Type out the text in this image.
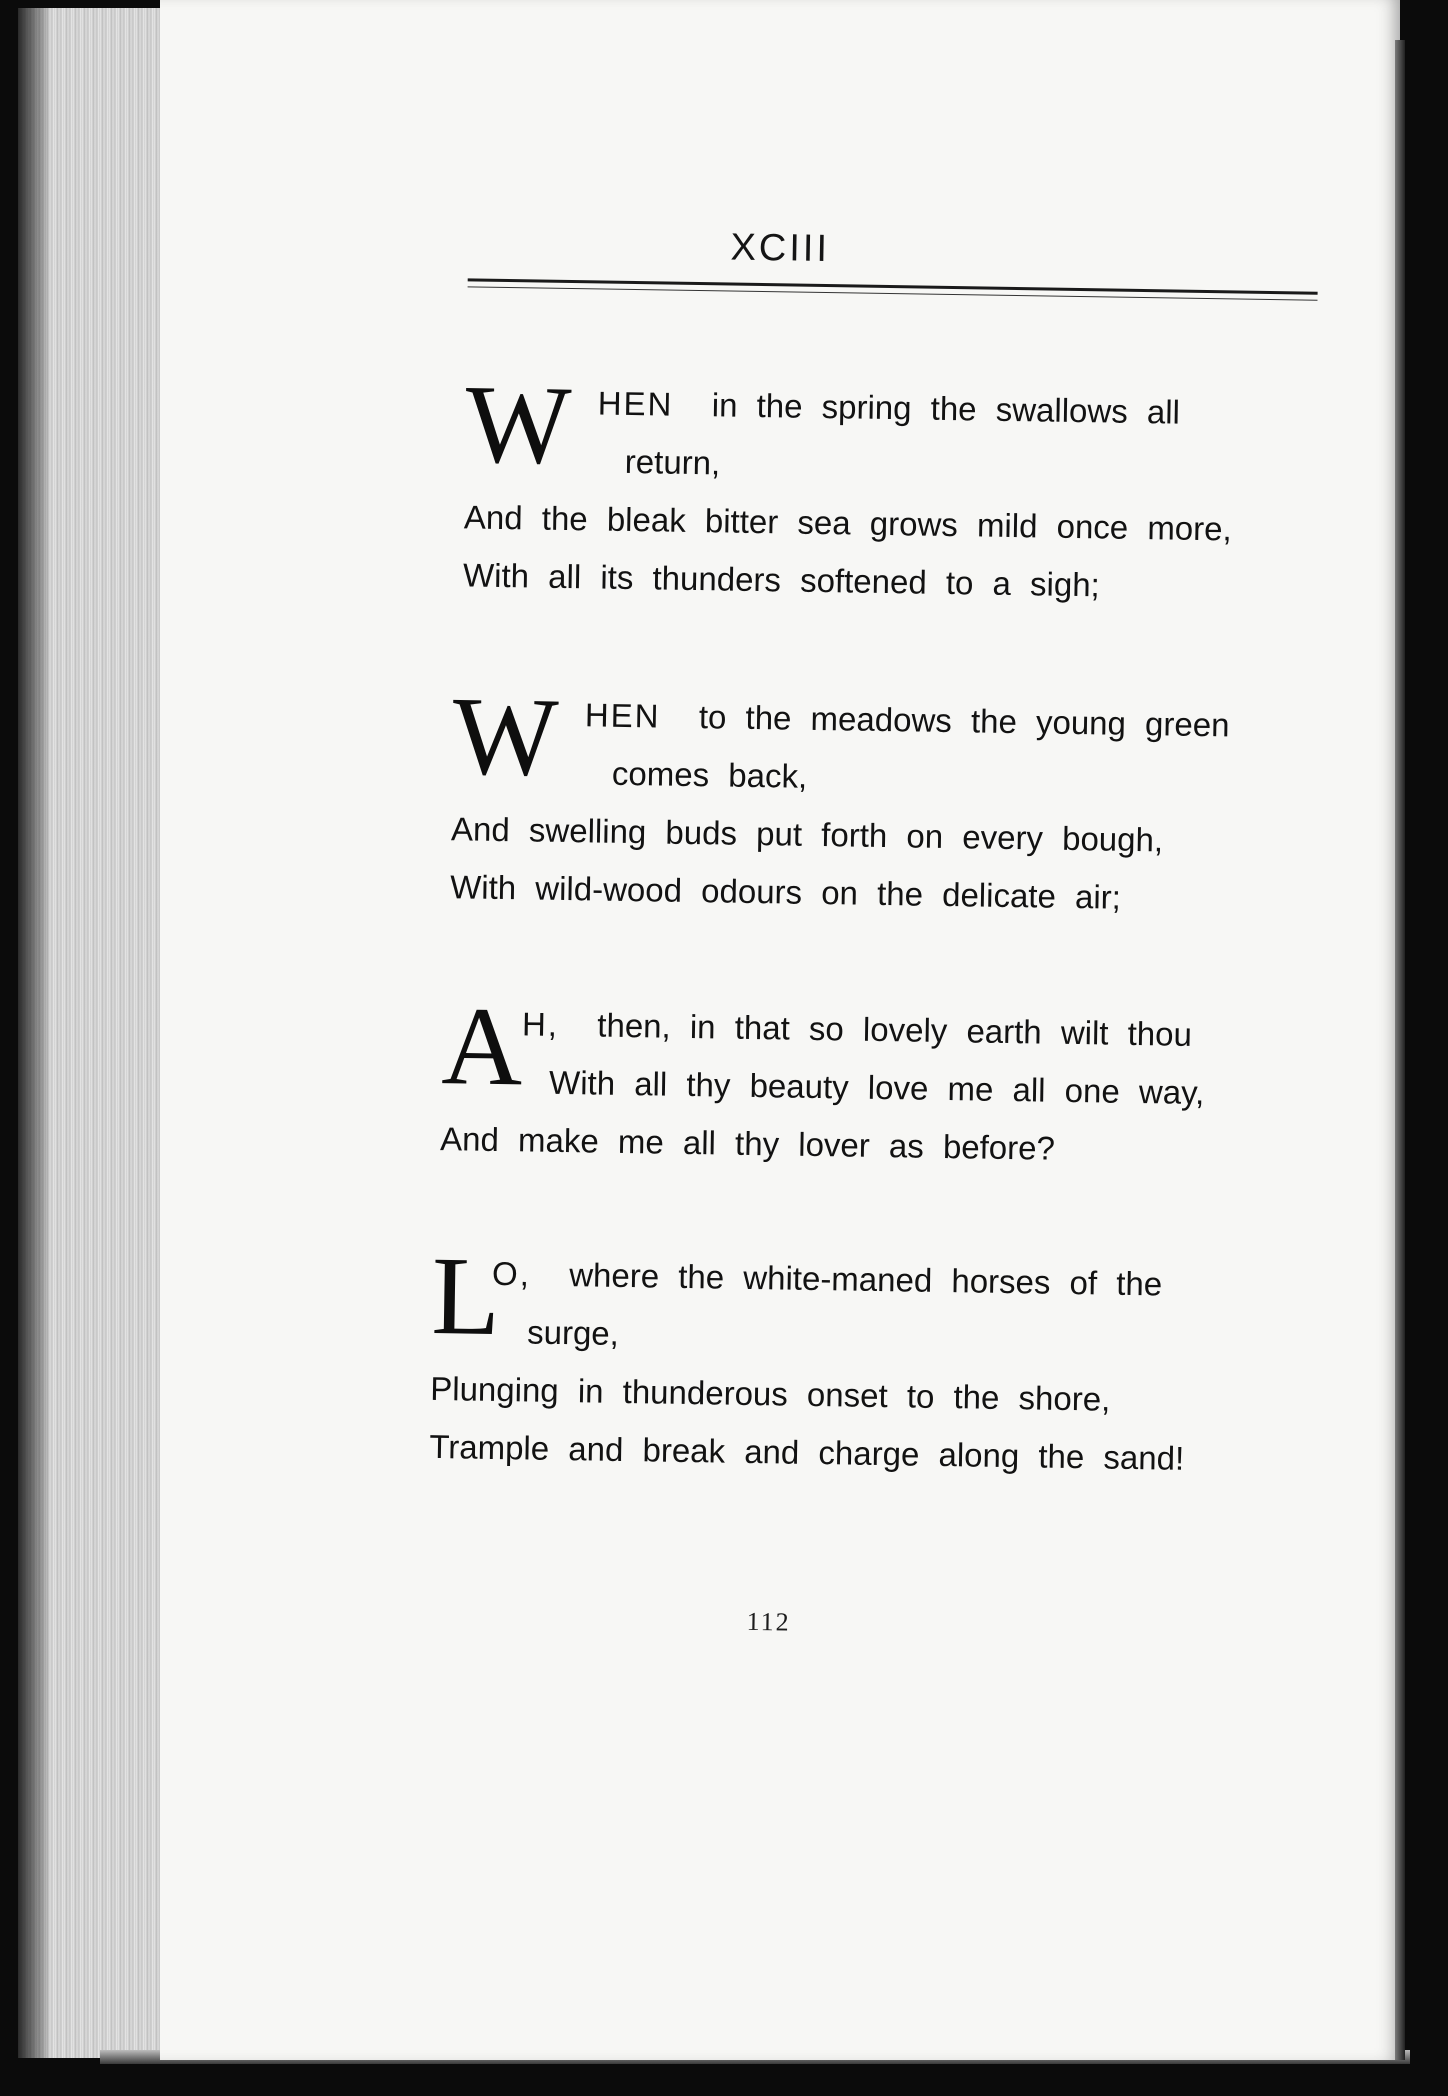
XCIII
W HEN in the spring the swallows all
return,
And the bleak bitter sea grows mild once more,
With all its thunders softened to a sigh;
W HEN to the meadows the young green
comes back,
And swelling buds put forth on every bough,
With wild-wood odours on the delicate air;
A
H, then, in that so lovely earth wilt thou
With all thy beauty love me all one way,
And make me all thy lover as before?
L
O, where the white-maned horses of the
surge,
Plunging in thunderous onset to the shore,
Trample and break and charge along the sand!
112
